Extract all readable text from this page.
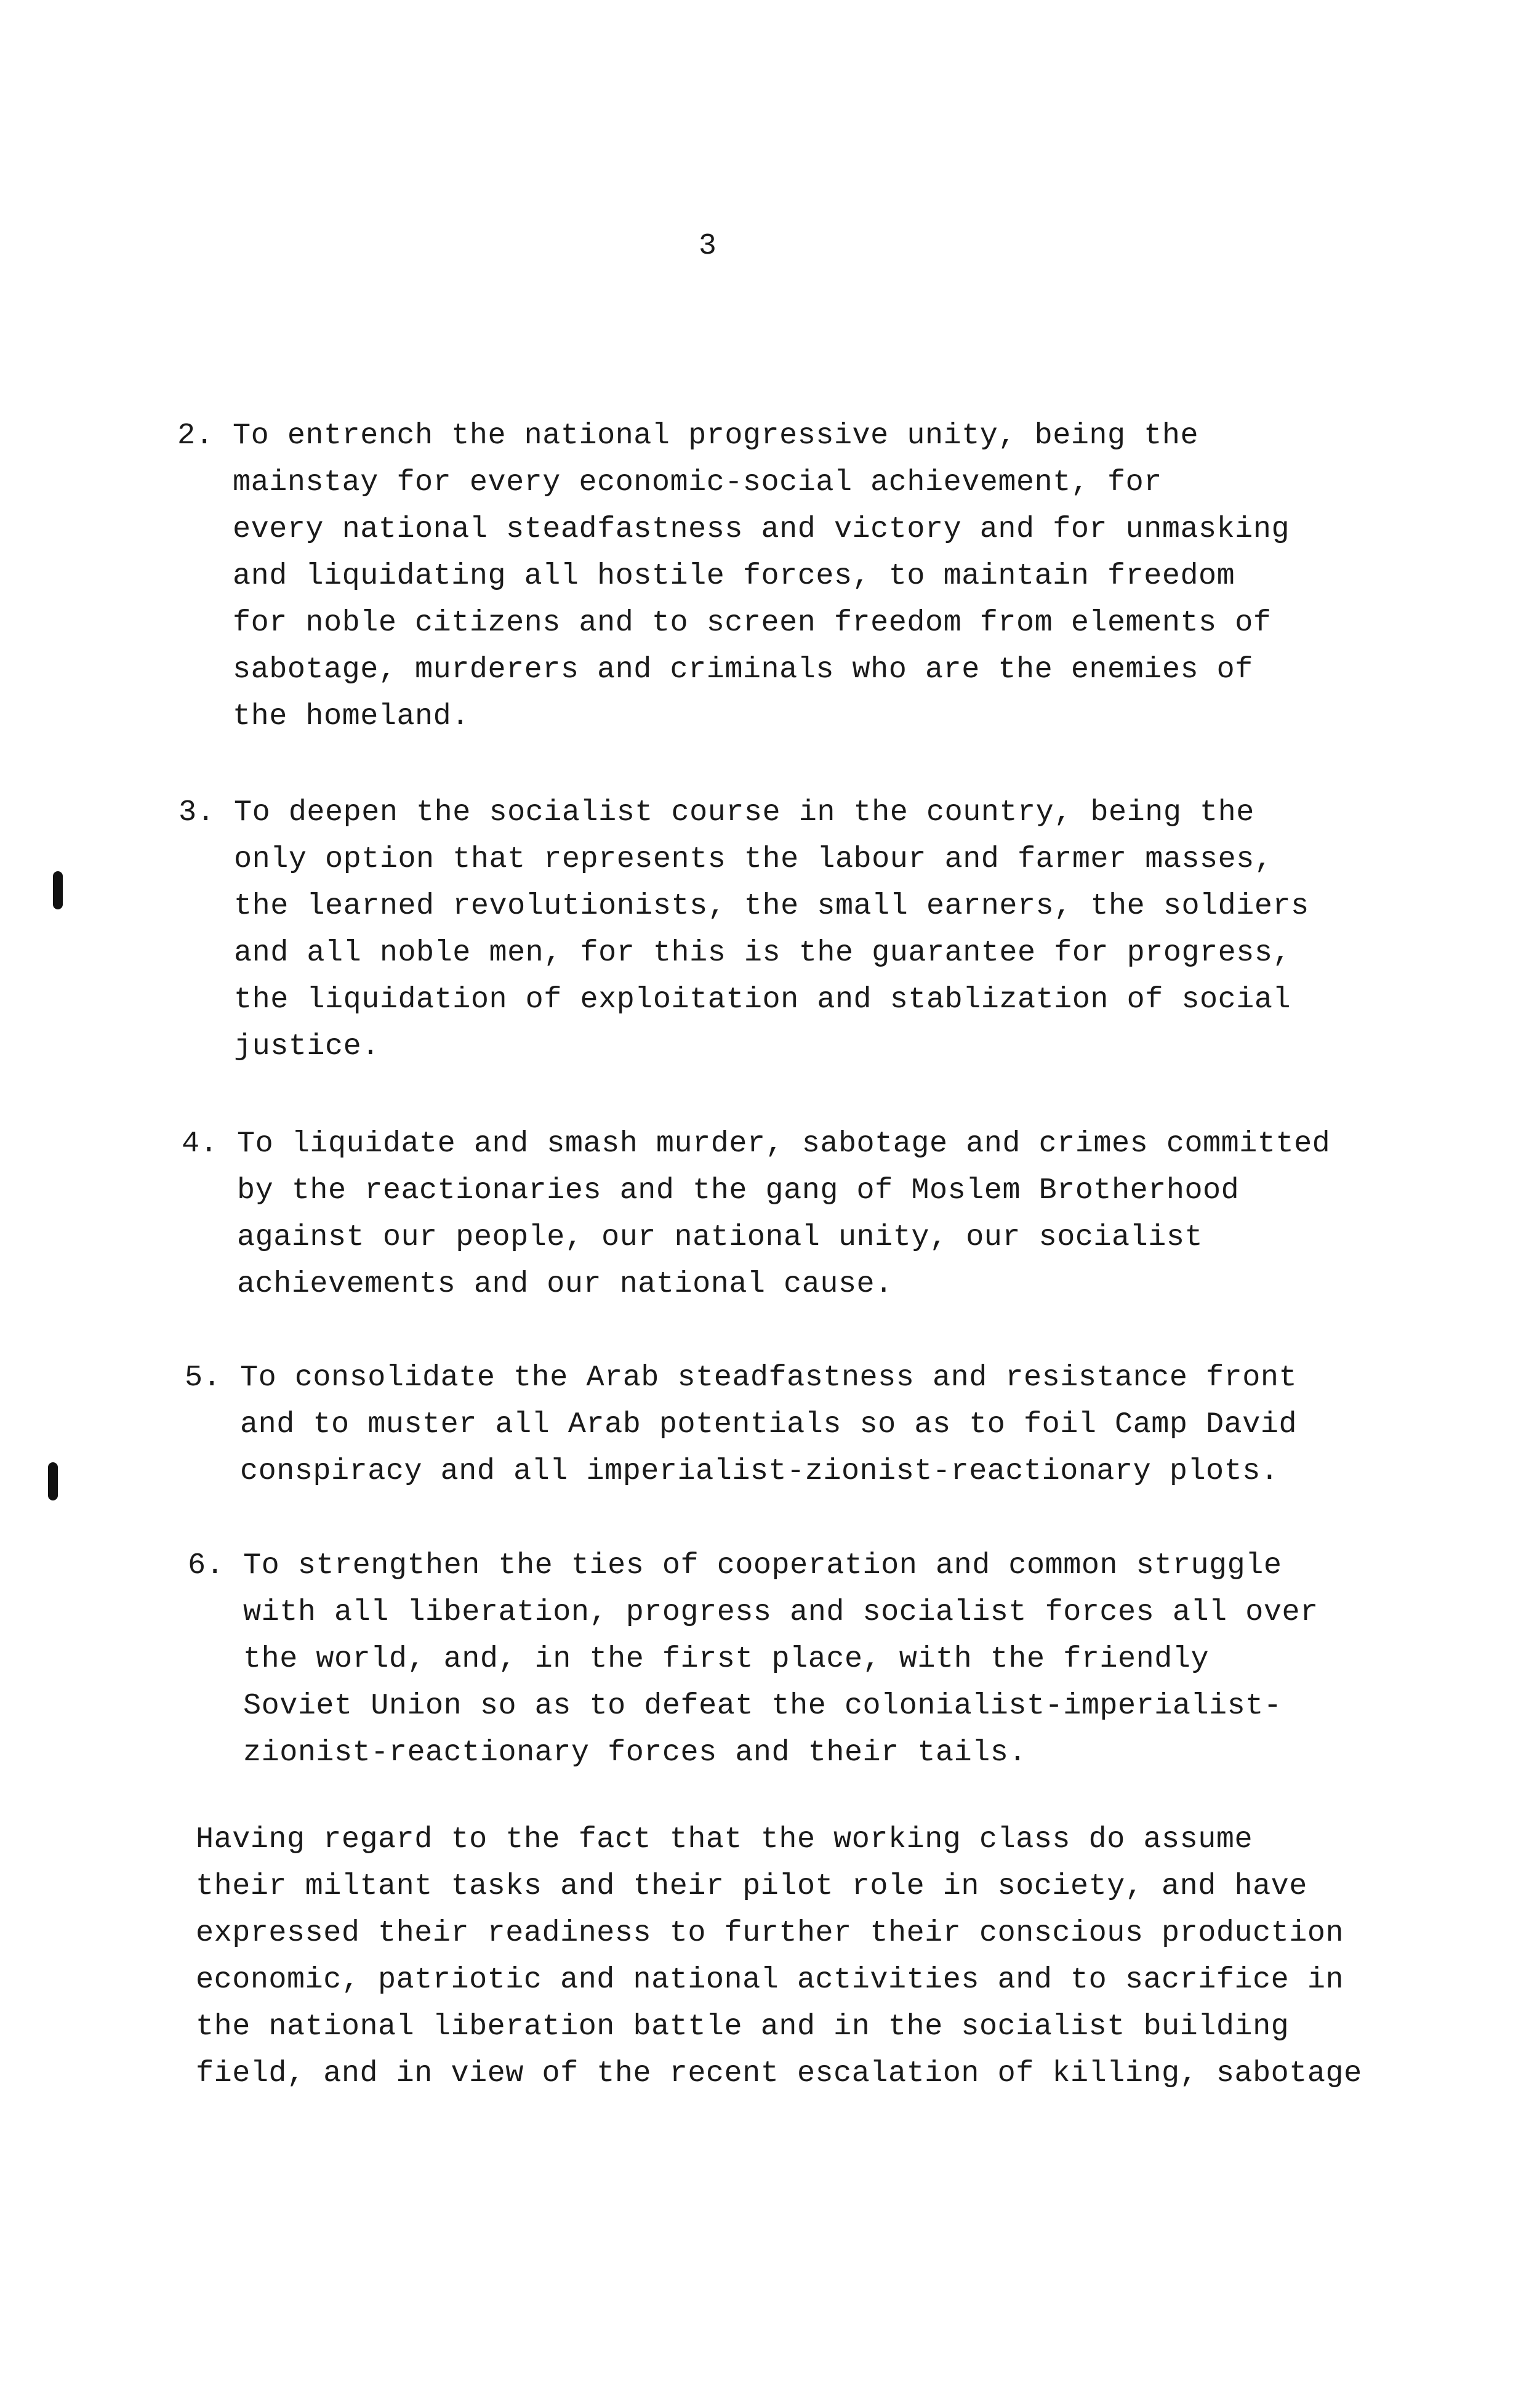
3
2. To entrench the national progressive unity, being the
mainstay for every economic-social achievement, for
every national steadfastness and victory and for unmasking
and liquidating all hostile forces, to maintain freedom
for noble citizens and to screen freedom from elements of
sabotage, murderers and criminals who are the enemies of
the homeland.
3. To deepen the socialist course in the country, being the
only option that represents the labour and farmer masses,
the learned revolutionists, the small earners, the soldiers
and all noble men, for this is the guarantee for progress,
the liquidation of exploitation and stablization of social
justice.
4. To liquidate and smash murder, sabotage and crimes committed
by the reactionaries and the gang of Moslem Brotherhood
against our people, our national unity, our socialist
achievements and our national cause.
5. To consolidate the Arab steadfastness and resistance front
and to muster all Arab potentials so as to foil Camp David
conspiracy and all imperialist-zionist-reactionary plots.
6. To strengthen the ties of cooperation and common struggle
with all liberation, progress and socialist forces all over
the world, and, in the first place, with the friendly
Soviet Union so as to defeat the colonialist-imperialist-
zionist-reactionary forces and their tails.
Having regard to the fact that the working class do assume
their miltant tasks and their pilot role in society, and have
expressed their readiness to further their conscious production
economic, patriotic and national activities and to sacrifice in
the national liberation battle and in the socialist building
field, and in view of the recent escalation of killing, sabotage
